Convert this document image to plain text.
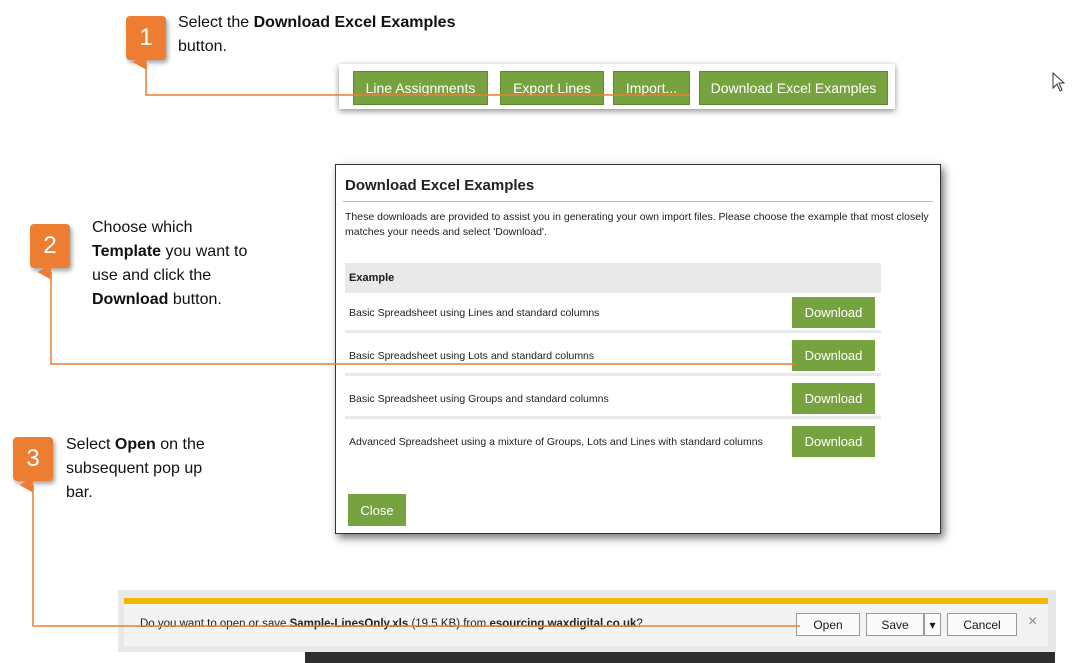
1
Select the Download Excel Examples button.
2
Choose which Template you want to use and click the Download button.
3
Select Open on the subsequent pop up bar.
Line Assignments	Export Lines	Import...	Download Excel Examples
Download Excel Examples
These downloads are provided to assist you in generating your own import files. Please choose the example that most closely matches your needs and select 'Download'.
Example
Basic Spreadsheet using Lines and standard columns	Download
Basic Spreadsheet using Lots and standard columns	Download
Basic Spreadsheet using Groups and standard columns	Download
Advanced Spreadsheet using a mixture of Groups, Lots and Lines with standard columns	Download
Close
Do you want to open or save Sample-LinesOnly.xls (19.5 KB) from esourcing.waxdigital.co.uk?	Open	Save	▾	Cancel	×
